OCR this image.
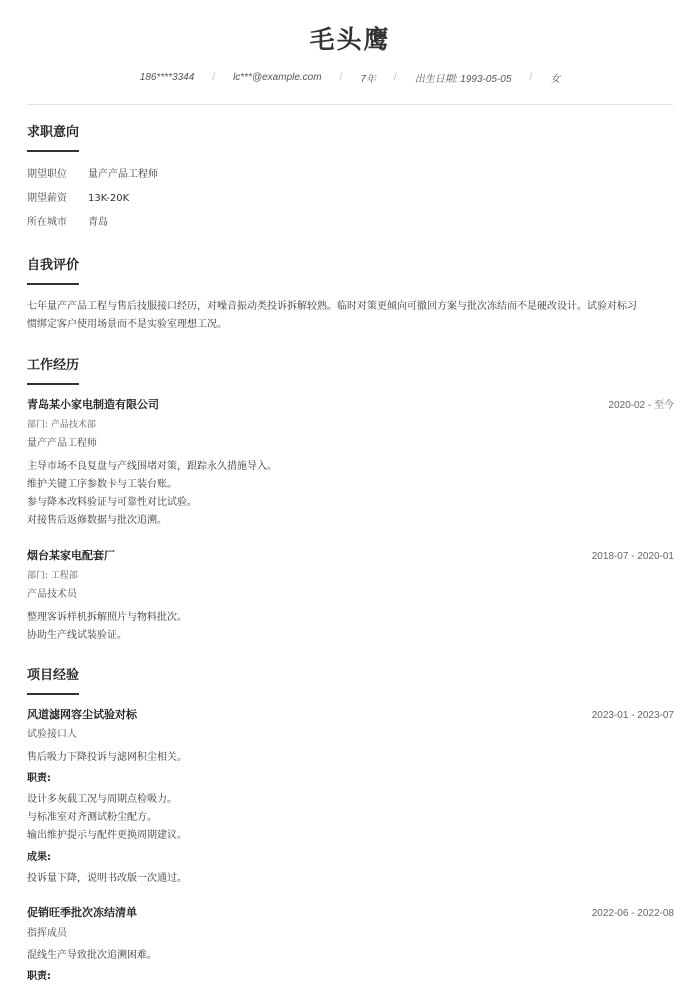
毛头鹰
186****3344	/	lc***@example.com	/	7年	/	出生日期: 1993-05-05	/	女
求职意向
期望职位 量产产品工程师
期望薪资 13K-20K
所在城市 青岛
自我评价
七年量产产品工程与售后技服接口经历，对噪音振动类投诉拆解较熟。临时对策更倾向可撤回方案与批次冻结而不是硬改设计。试验对标习
惯绑定客户使用场景而不是实验室理想工况。
工作经历
青岛某小家电制造有限公司	2020-02 - 至今
部门: 产品技术部
量产产品工程师
主导市场不良复盘与产线围堵对策，跟踪永久措施导入。
维护关键工序参数卡与工装台账。
参与降本改料验证与可靠性对比试验。
对接售后返修数据与批次追溯。
烟台某家电配套厂	2018-07 - 2020-01
部门: 工程部
产品技术员
整理客诉样机拆解照片与物料批次。
协助生产线试装验证。
项目经验
风道滤网容尘试验对标	2023-01 - 2023-07
试验接口人
售后吸力下降投诉与滤网积尘相关。
职责:
设计多灰载工况与周期点检吸力。
与标准室对齐测试粉尘配方。
输出维护提示与配件更换周期建议。
成果:
投诉量下降，说明书改版一次通过。
促销旺季批次冻结清单	2022-06 - 2022-08
指挥成员
混线生产导致批次追溯困难。
职责:
